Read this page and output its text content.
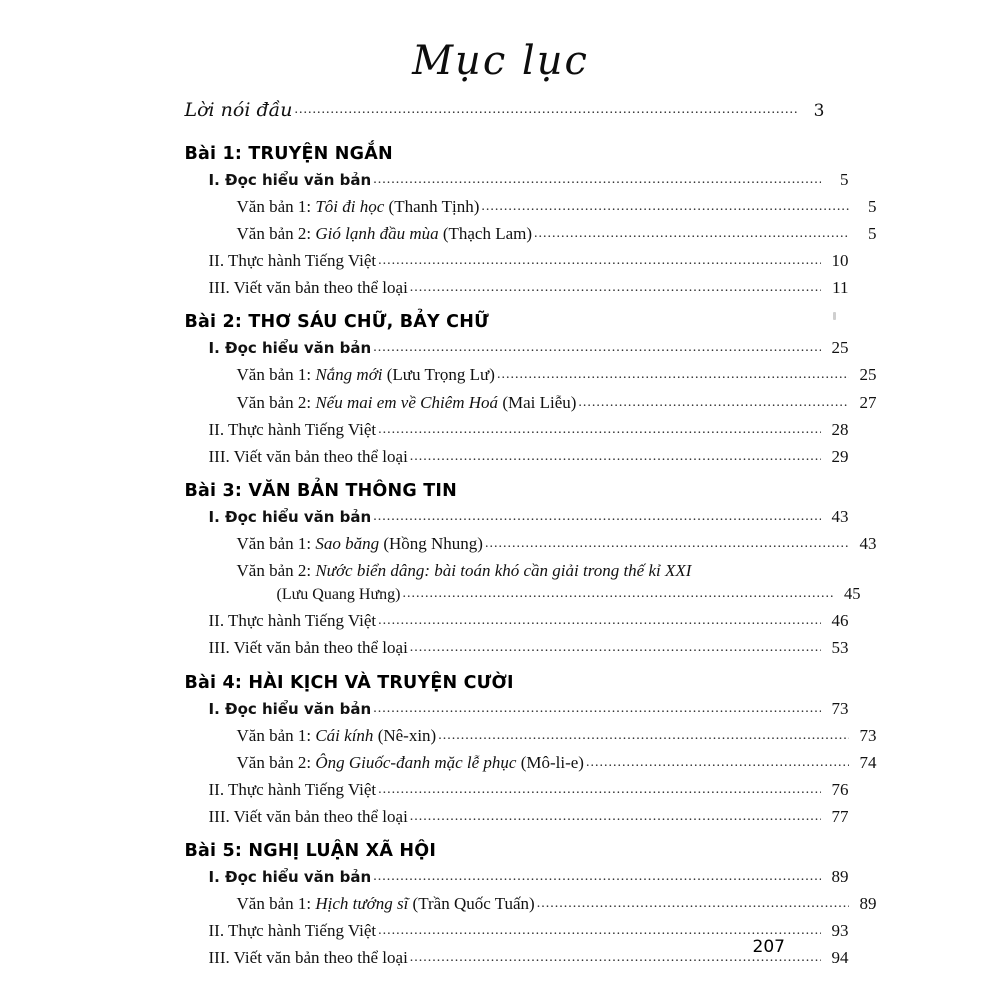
Mục lục
Lời nói đầu .....	3
Bài 1: TRUYỆN NGẮN
I. Đọc hiểu văn bản .....	5
Văn bản 1: Tôi đi học (Thanh Tịnh) .....	5
Văn bản 2: Gió lạnh đầu mùa (Thạch Lam) .....	5
II. Thực hành Tiếng Việt .....	10
III. Viết văn bản theo thể loại .....	11
Bài 2: THƠ SÁU CHỮ, BẢY CHỮ
I. Đọc hiểu văn bản .....	25
Văn bản 1: Nắng mới (Lưu Trọng Lư) .....	25
Văn bản 2: Nếu mai em về Chiêm Hoá (Mai Liễu) .....	27
II. Thực hành Tiếng Việt .....	28
III. Viết văn bản theo thể loại .....	29
Bài 3: VĂN BẢN THÔNG TIN
I. Đọc hiểu văn bản .....	43
Văn bản 1: Sao băng (Hồng Nhung) .....	43
Văn bản 2: Nước biển dâng: bài toán khó cần giải trong thế kỉ XXI
(Lưu Quang Hưng) .....	45
II. Thực hành Tiếng Việt .....	46
III. Viết văn bản theo thể loại .....	53
Bài 4: HÀI KỊCH VÀ TRUYỆN CƯỜI
I. Đọc hiểu văn bản .....	73
Văn bản 1: Cái kính (Nê-xin) .....	73
Văn bản 2: Ông Giuốc-đanh mặc lễ phục (Mô-li-e) .....	74
II. Thực hành Tiếng Việt .....	76
III. Viết văn bản theo thể loại .....	77
Bài 5: NGHỊ LUẬN XÃ HỘI
I. Đọc hiểu văn bản .....	89
Văn bản 1: Hịch tướng sĩ (Trần Quốc Tuấn) .....	89
II. Thực hành Tiếng Việt .....	93
III. Viết văn bản theo thể loại .....	94
207
